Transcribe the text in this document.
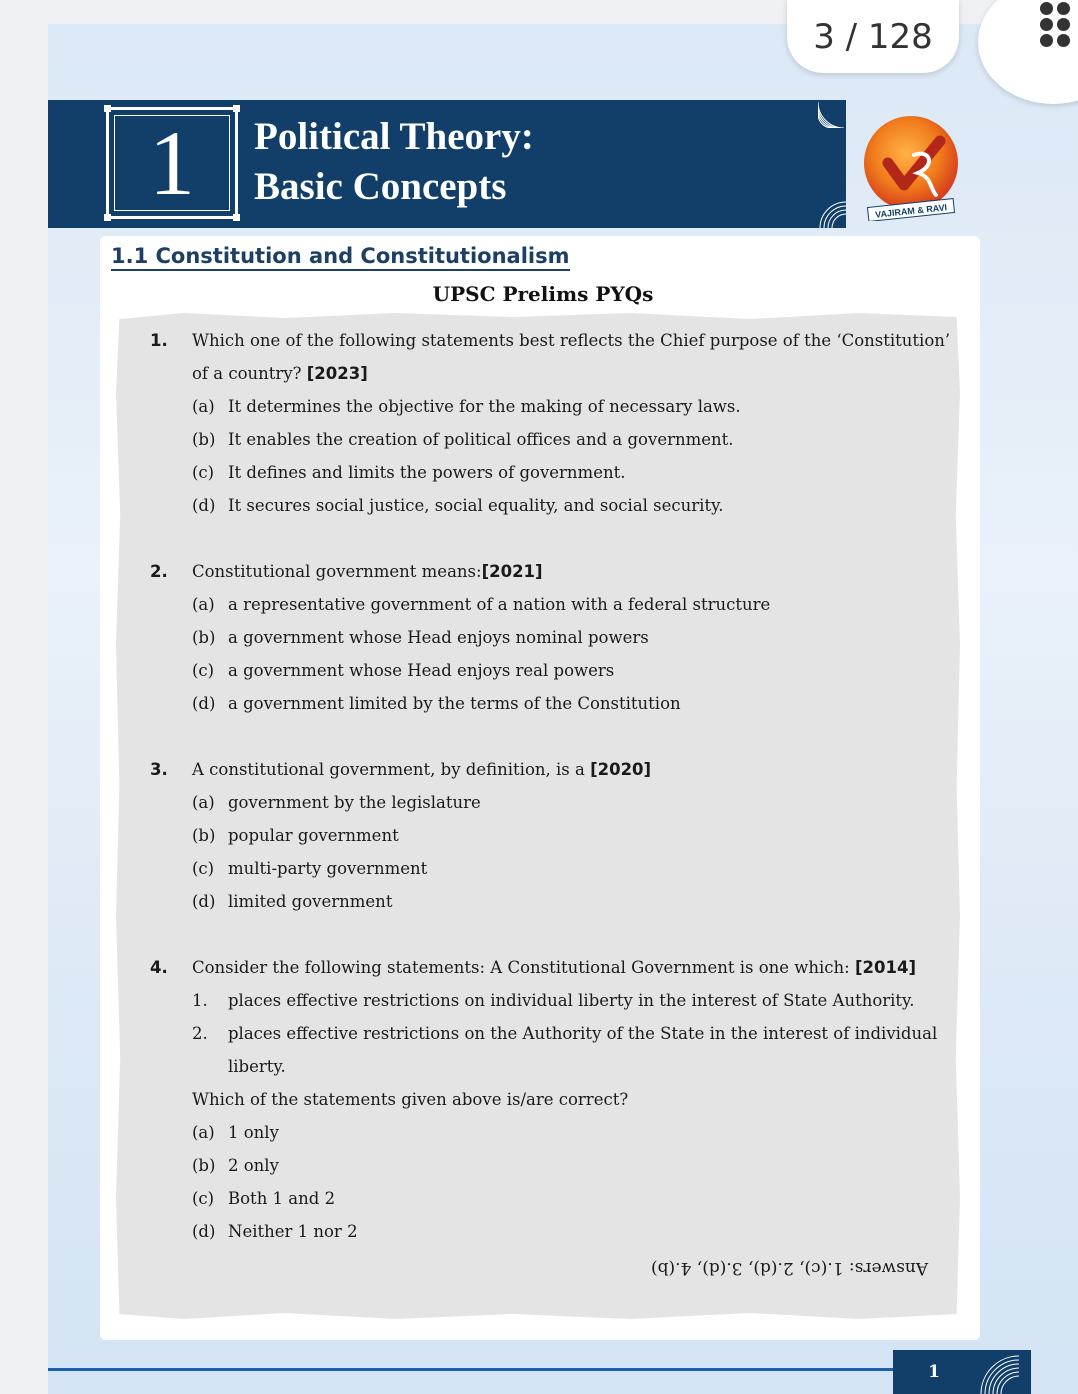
3 / 128
1	Political Theory:
Basic Concepts
VAJIRAM & RAVI
1.1 Constitution and Constitutionalism
UPSC Prelims PYQs
1. Which one of the following statements best reflects the Chief purpose of the ‘Constitution’
of a country? [2023]
(a) It determines the objective for the making of necessary laws.
(b) It enables the creation of political offices and a government.
(c) It defines and limits the powers of government.
(d) It secures social justice, social equality, and social security.
2. Constitutional government means:[2021]
(a) a representative government of a nation with a federal structure
(b) a government whose Head enjoys nominal powers
(c) a government whose Head enjoys real powers
(d) a government limited by the terms of the Constitution
3. A constitutional government, by definition, is a [2020]
(a) government by the legislature
(b) popular government
(c) multi-party government
(d) limited government
4. Consider the following statements: A Constitutional Government is one which: [2014]
1. places effective restrictions on individual liberty in the interest of State Authority.
2. places effective restrictions on the Authority of the State in the interest of individual
liberty.
Which of the statements given above is/are correct?
(a) 1 only
(b) 2 only
(c) Both 1 and 2
(d) Neither 1 nor 2
Answers: 1.(c), 2.(d), 3.(d), 4.(b)
1
